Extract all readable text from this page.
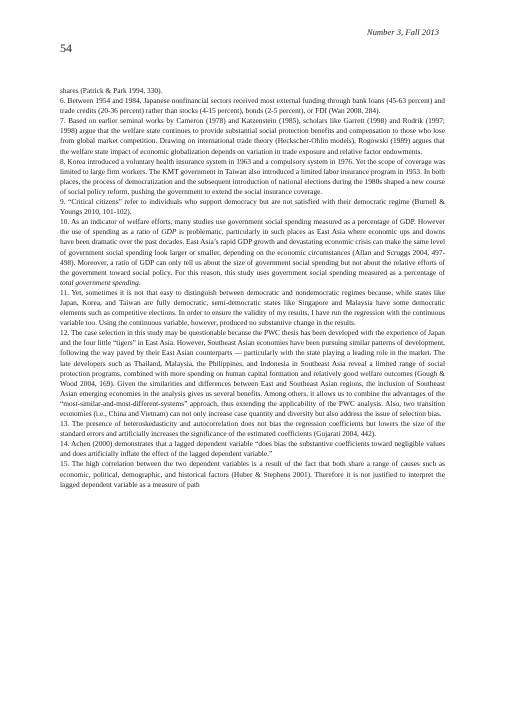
Number 3, Fall 2013
54

shares (Patrick & Park 1994, 330).

6. Between 1954 and 1984, Japanese nonfinancial sectors received most external funding through bank loans (45-63 percent) and trade credits (20-36 percent) rather than stocks (4-15 percent), bonds (2-5 percent), or FDI (Wan 2008, 284).

7. Based on earlier seminal works by Cameron (1978) and Katzenstein (1985), scholars like Garrett (1998) and Rodrik (1997; 1998) argue that the welfare state continues to provide substantial social protection benefits and compensation to those who lose from global market competition. Drawing on international trade theory (Heckscher-Ohlin models), Rogowski (1989) argues that the welfare state impact of economic globalization depends on variation in trade exposure and relative factor endowments.

8. Korea introduced a voluntary health insurance system in 1963 and a compulsory system in 1976. Yet the scope of coverage was limited to large firm workers. The KMT government in Taiwan also introduced a limited labor insurance program in 1953. In both places, the process of democratization and the subsequent introduction of national elections during the 1980s shaped a new course of social policy reform, pushing the government to extend the social insurance coverage.

9. “Critical citizens” refer to individuals who support democracy but are not satisfied with their democratic regime (Burnell & Youngs 2010, 101-102).

10. As an indicator of welfare efforts, many studies use government social spending measured as a percentage of GDP. However the use of spending as a ratio of GDP is problematic, particularly in such places as East Asia where economic ups and downs have been dramatic over the past decades. East Asia’s rapid GDP growth and devastating economic crisis can make the same level of government social spending look larger or smaller, depending on the economic circumstances (Allan and Scruggs 2004, 497-498). Moreover, a ratio of GDP can only tell us about the size of government social spending but not about the relative efforts of the government toward social policy. For this reason, this study uses government social spending measured as a percentage of total government spending.

11. Yet, sometimes it is not that easy to distinguish between democratic and nondemocratic regimes because, while states like Japan, Korea, and Taiwan are fully democratic, semi-democratic states like Singapore and Malaysia have some democratic elements such as competitive elections. In order to ensure the validity of my results, I have run the regression with the continuous variable too. Using the continuous variable, however, produced no substantive change in the results.

12. The case selection in this study may be questionable because the PWC thesis has been developed with the experience of Japan and the four little “tigers” in East Asia. However, Southeast Asian economies have been pursuing similar patterns of development, following the way paved by their East Asian counterparts — particularly with the state playing a leading role in the market. The late developers such as Thailand, Malaysia, the Philippines, and Indonesia in Southeast Asia reveal a limited range of social protection programs, combined with more spending on human capital formation and relatively good welfare outcomes (Gough & Wood 2004, 169). Given the similarities and differences between East and Southeast Asian regions, the inclusion of Southeast Asian emerging economies in the analysis gives us several benefits. Among others, it allows us to combine the advantages of the “most-similar-and-most-different-systems” approach, thus extending the applicability of the PWC analysis. Also, two transition economies (i.e., China and Vietnam) can not only increase case quantity and diversity but also address the issue of selection bias.

13. The presence of heteroskedasticity and autocorrelation does not bias the regression coefficients but lowers the size of the standard errors and artificially increases the significance of the estimated coefficients (Gujarati 2004, 442).

14. Achen (2000) demonstrates that a lagged dependent variable “does bias the substantive coefficients toward negligible values and does artificially inflate the effect of the lagged dependent variable.”

15. The high correlation between the two dependent variables is a result of the fact that both share a range of causes such as economic, political, demographic, and historical factors (Huber & Stephens 2001). Therefore it is not justified to interpret the lagged dependent variable as a measure of path
